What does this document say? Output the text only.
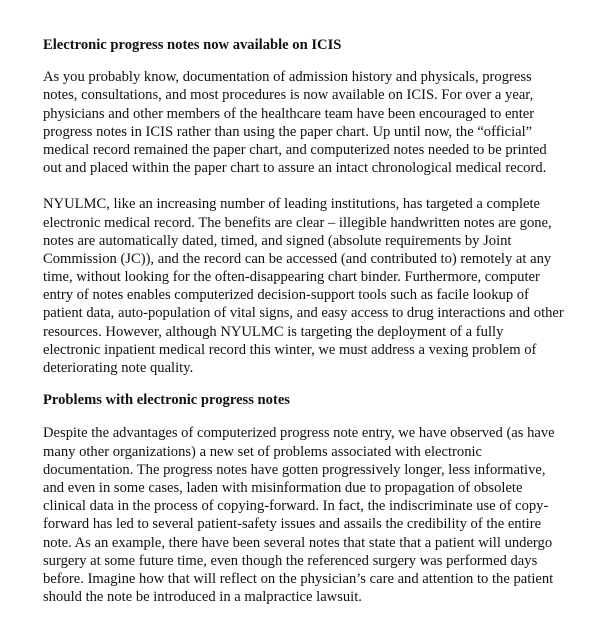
Electronic progress notes now available on ICIS
As you probably know, documentation of admission history and physicals, progress
notes, consultations, and most procedures is now available on ICIS. For over a year,
physicians and other members of the healthcare team have been encouraged to enter
progress notes in ICIS rather than using the paper chart. Up until now, the “official”
medical record remained the paper chart, and computerized notes needed to be printed
out and placed within the paper chart to assure an intact chronological medical record.
NYULMC, like an increasing number of leading institutions, has targeted a complete
electronic medical record. The benefits are clear – illegible handwritten notes are gone,
notes are automatically dated, timed, and signed (absolute requirements by Joint
Commission (JC)), and the record can be accessed (and contributed to) remotely at any
time, without looking for the often-disappearing chart binder. Furthermore, computer
entry of notes enables computerized decision-support tools such as facile lookup of
patient data, auto-population of vital signs, and easy access to drug interactions and other
resources. However, although NYULMC is targeting the deployment of a fully
electronic inpatient medical record this winter, we must address a vexing problem of
deteriorating note quality.
Problems with electronic progress notes
Despite the advantages of computerized progress note entry, we have observed (as have
many other organizations) a new set of problems associated with electronic
documentation. The progress notes have gotten progressively longer, less informative,
and even in some cases, laden with misinformation due to propagation of obsolete
clinical data in the process of copying-forward. In fact, the indiscriminate use of copy-
forward has led to several patient-safety issues and assails the credibility of the entire
note. As an example, there have been several notes that state that a patient will undergo
surgery at some future time, even though the referenced surgery was performed days
before. Imagine how that will reflect on the physician’s care and attention to the patient
should the note be introduced in a malpractice lawsuit.
